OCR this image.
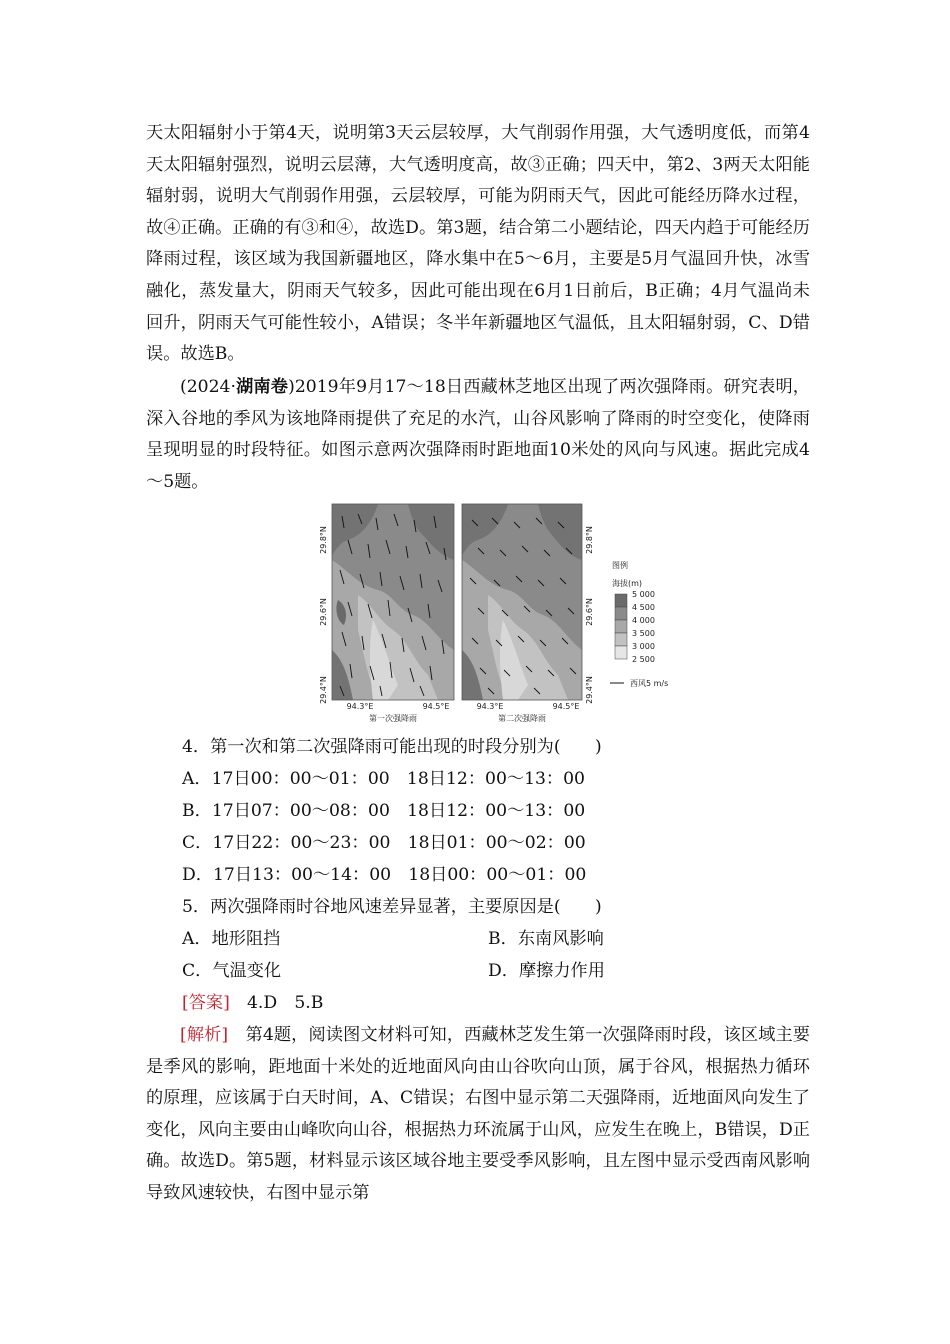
天太阳辐射小于第4天，说明第3天云层较厚，大气削弱作用强，大气透明度低，而第4天太阳辐射强烈，说明云层薄，大气透明度高，故③正确；四天中，第2、3两天太阳能辐射弱，说明大气削弱作用强，云层较厚，可能为阴雨天气，因此可能经历降水过程，故④正确。正确的有③和④，故选D。第3题，结合第二小题结论，四天内趋于可能经历降雨过程，该区域为我国新疆地区，降水集中在5～6月，主要是5月气温回升快，冰雪融化，蒸发量大，阴雨天气较多，因此可能出现在6月1日前后，B正确；4月气温尚未回升，阴雨天气可能性较小，A错误；冬半年新疆地区气温低，且太阳辐射弱，C、D错误。故选B。

(2024·湖南卷)2019年9月17～18日西藏林芝地区出现了两次强降雨。研究表明，深入谷地的季风为该地降雨提供了充足的水汽，山谷风影响了降雨的时空变化，使降雨呈现明显的时段特征。如图示意两次强降雨时距地面10米处的风向与风速。据此完成4～5题。

29.8°N
29.6°N
29.4°N
29.8°N
29.6°N
29.4°N
94.3°E	94.5°E	94.3°E	94.5°E
第一次强降雨	第二次强降雨
图例
海拔(m)
5 000
4 500
4 000
3 500
3 000
2 500
西风5 m/s

4．第一次和第二次强降雨可能出现的时段分别为(　　)

A．17日00：00～01：00　18日12：00～13：00

B．17日07：00～08：00　18日12：00～13：00

C．17日22：00～23：00　18日01：00～02：00

D．17日13：00～14：00　18日00：00～01：00

5．两次强降雨时谷地风速差异显著，主要原因是(　　)

A．地形阻挡	B．东南风影响

C．气温变化	D．摩擦力作用

[答案]　 4.D　5.B

[解析]　 第4题，阅读图文材料可知，西藏林芝发生第一次强降雨时段，该区域主要是季风的影响，距地面十米处的近地面风向由山谷吹向山顶，属于谷风，根据热力循环的原理，应该属于白天时间，A、C错误；右图中显示第二天强降雨，近地面风向发生了变化，风向主要由山峰吹向山谷，根据热力环流属于山风，应发生在晚上，B错误，D正确。故选D。第5题，材料显示该区域谷地主要受季风影响，且左图中显示受西南风影响导致风速较快，右图中显示第
